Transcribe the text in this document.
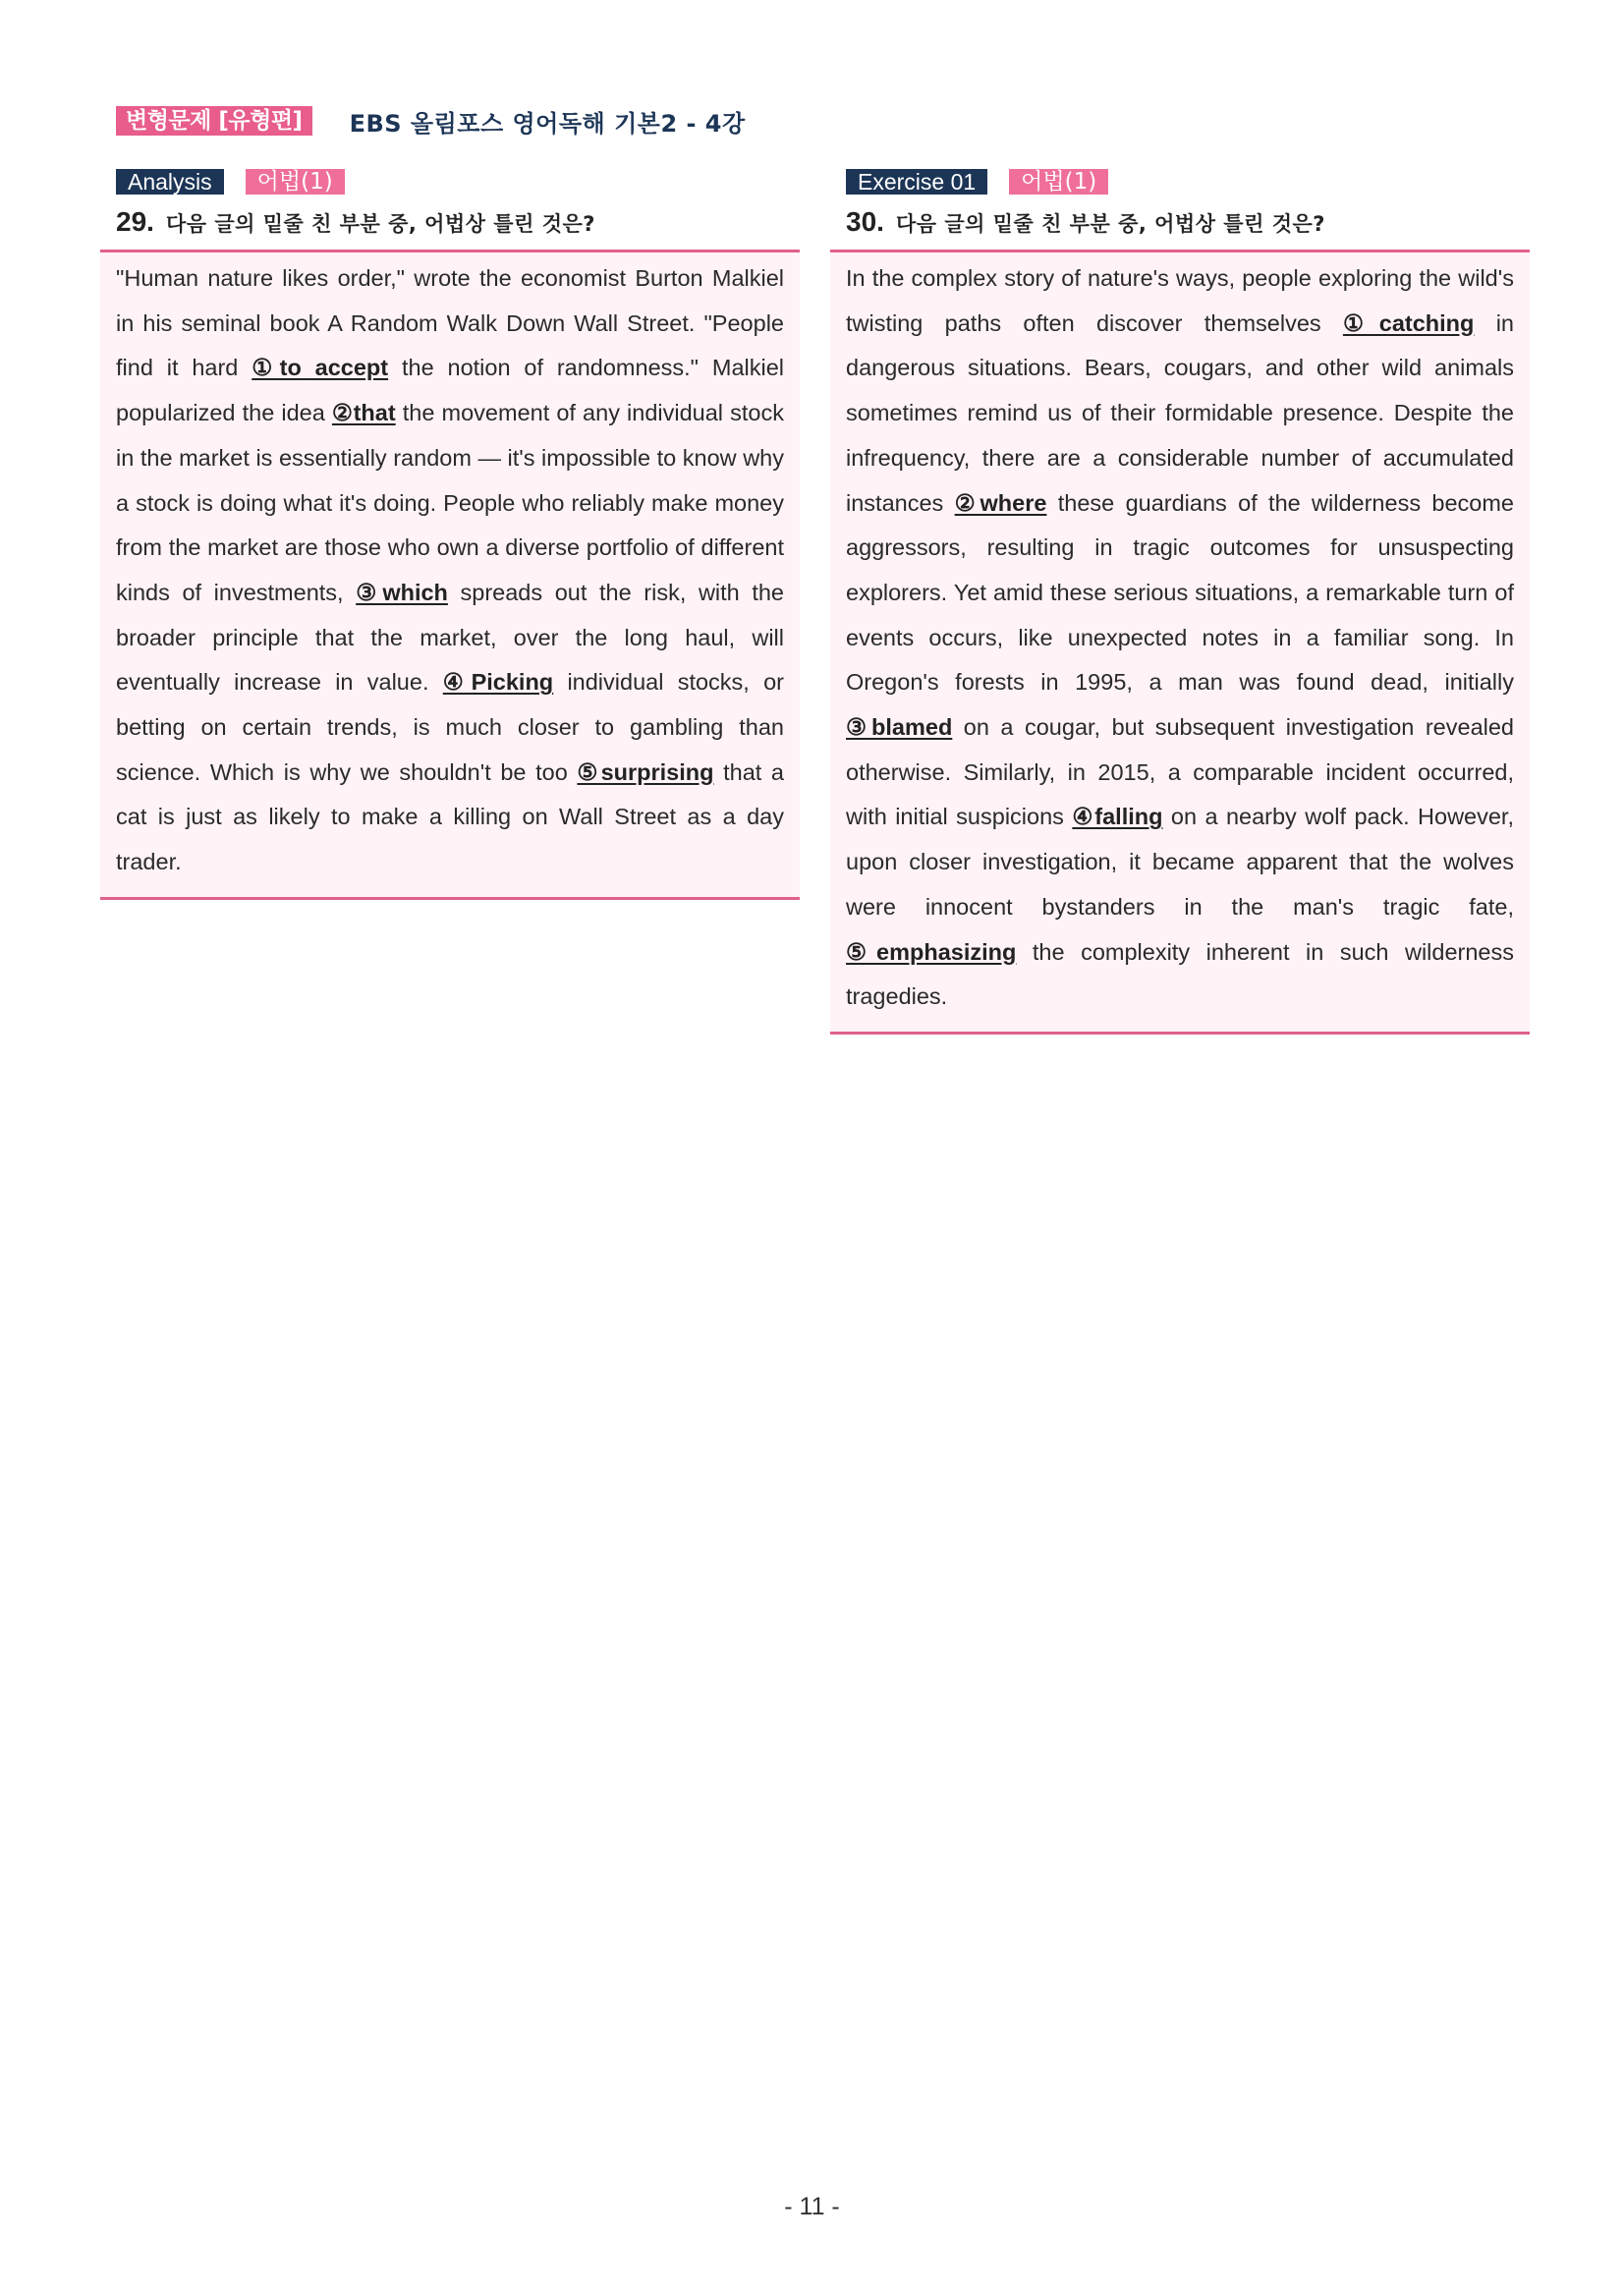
변형문제 [유형편]	EBS 올림포스 영어독해 기본2 - 4강
Analysis	어법(1)
29. 다음 글의 밑줄 친 부분 중, 어법상 틀린 것은?
"Human nature likes order," wrote the economist Burton Malkiel in his seminal book A Random Walk Down Wall Street. "People find it hard ①to accept the notion of randomness." Malkiel popularized the idea ②that the movement of any individual stock in the market is essentially random — it's impossible to know why a stock is doing what it's doing. People who reliably make money from the market are those who own a diverse portfolio of different kinds of investments, ③which spreads out the risk, with the broader principle that the market, over the long haul, will eventually increase in value. ④Picking individual stocks, or betting on certain trends, is much closer to gambling than science. Which is why we shouldn't be too ⑤surprising that a cat is just as likely to make a killing on Wall Street as a day trader.
Exercise 01	어법(1)
30. 다음 글의 밑줄 친 부분 중, 어법상 틀린 것은?
In the complex story of nature's ways, people exploring the wild's twisting paths often discover themselves ①catching in dangerous situations. Bears, cougars, and other wild animals sometimes remind us of their formidable presence. Despite the infrequency, there are a considerable number of accumulated instances ②where these guardians of the wilderness become aggressors, resulting in tragic outcomes for unsuspecting explorers. Yet amid these serious situations, a remarkable turn of events occurs, like unexpected notes in a familiar song. In Oregon's forests in 1995, a man was found dead, initially ③blamed on a cougar, but subsequent investigation revealed otherwise. Similarly, in 2015, a comparable incident occurred, with initial suspicions ④falling on a nearby wolf pack. However, upon closer investigation, it became apparent that the wolves were innocent bystanders in the man's tragic fate, ⑤emphasizing the complexity inherent in such wilderness tragedies.
- 11 -
